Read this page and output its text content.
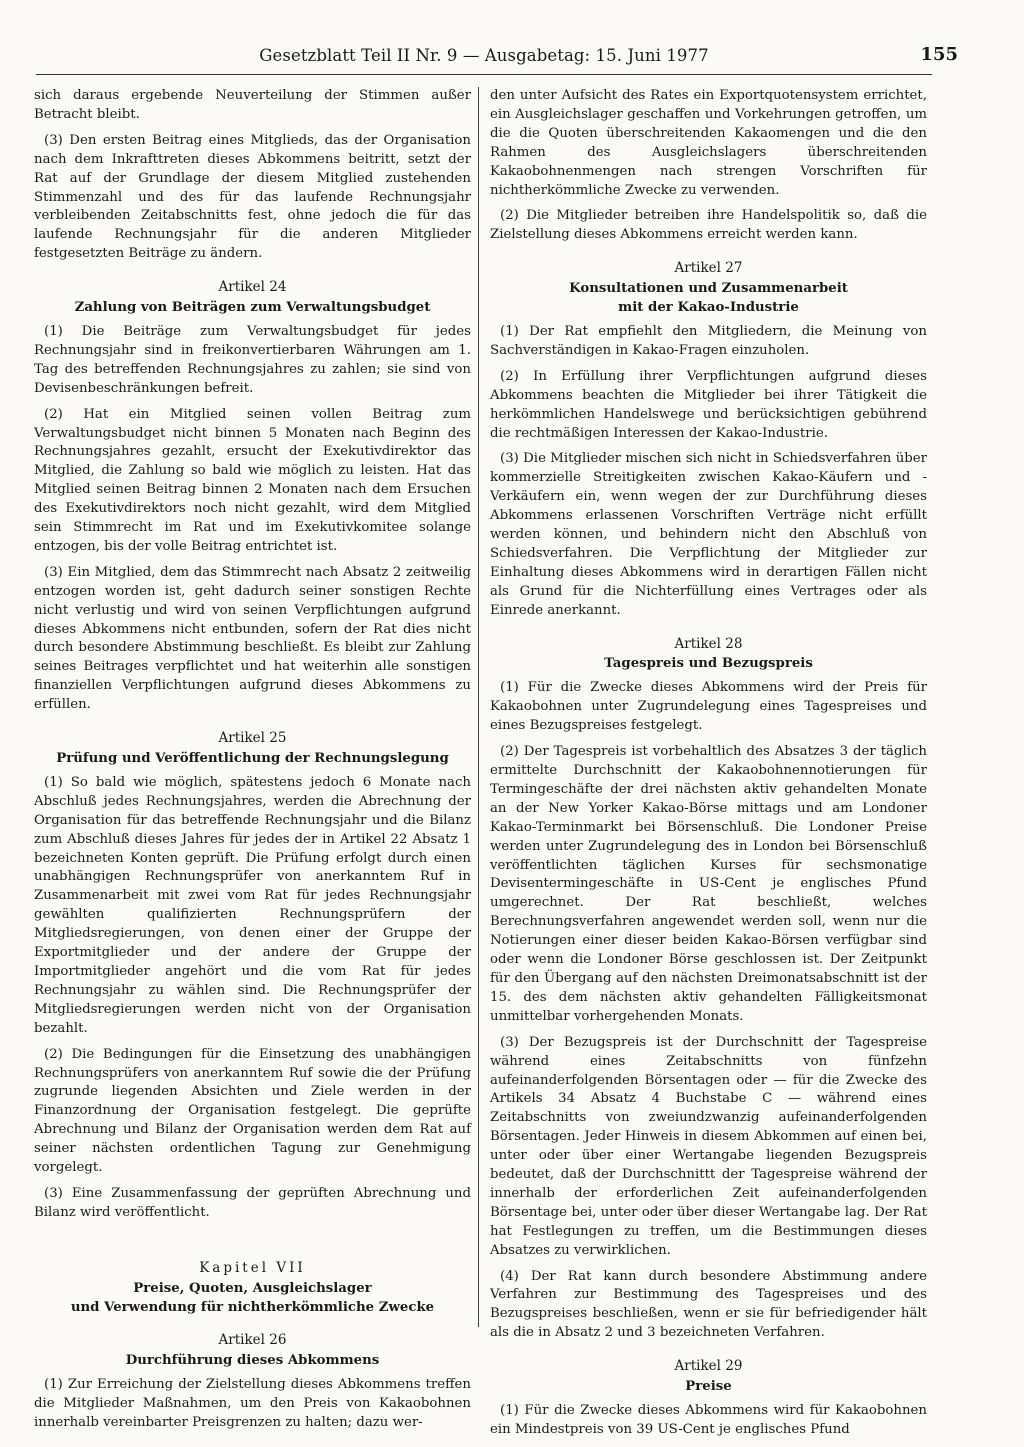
Gesetzblatt Teil II Nr. 9 — Ausgabetag: 15. Juni 1977	155

sich daraus ergebende Neuverteilung der Stimmen außer Betracht bleibt.

(3) Den ersten Beitrag eines Mitglieds, das der Organisation nach dem Inkrafttreten dieses Abkommens beitritt, setzt der Rat auf der Grundlage der diesem Mitglied zustehenden Stimmenzahl und des für das laufende Rechnungsjahr verbleibenden Zeitabschnitts fest, ohne jedoch die für das laufende Rechnungsjahr für die anderen Mitglieder festgesetzten Beiträge zu ändern.

Artikel 24
Zahlung von Beiträgen zum Verwaltungsbudget

(1) Die Beiträge zum Verwaltungsbudget für jedes Rechnungsjahr sind in freikonvertierbaren Währungen am 1. Tag des betreffenden Rechnungsjahres zu zahlen; sie sind von Devisenbeschränkungen befreit.

(2) Hat ein Mitglied seinen vollen Beitrag zum Verwaltungsbudget nicht binnen 5 Monaten nach Beginn des Rechnungsjahres gezahlt, ersucht der Exekutivdirektor das Mitglied, die Zahlung so bald wie möglich zu leisten. Hat das Mitglied seinen Beitrag binnen 2 Monaten nach dem Ersuchen des Exekutivdirektors noch nicht gezahlt, wird dem Mitglied sein Stimmrecht im Rat und im Exekutivkomitee solange entzogen, bis der volle Beitrag entrichtet ist.

(3) Ein Mitglied, dem das Stimmrecht nach Absatz 2 zeitweilig entzogen worden ist, geht dadurch seiner sonstigen Rechte nicht verlustig und wird von seinen Verpflichtungen aufgrund dieses Abkommens nicht entbunden, sofern der Rat dies nicht durch besondere Abstimmung beschließt. Es bleibt zur Zahlung seines Beitrages verpflichtet und hat weiterhin alle sonstigen finanziellen Verpflichtungen aufgrund dieses Abkommens zu erfüllen.

Artikel 25
Prüfung und Veröffentlichung der Rechnungslegung

(1) So bald wie möglich, spätestens jedoch 6 Monate nach Abschluß jedes Rechnungsjahres, werden die Abrechnung der Organisation für das betreffende Rechnungsjahr und die Bilanz zum Abschluß dieses Jahres für jedes der in Artikel 22 Absatz 1 bezeichneten Konten geprüft. Die Prüfung erfolgt durch einen unabhängigen Rechnungsprüfer von anerkanntem Ruf in Zusammenarbeit mit zwei vom Rat für jedes Rechnungsjahr gewählten qualifizierten Rechnungsprüfern der Mitgliedsregierungen, von denen einer der Gruppe der Exportmitglieder und der andere der Gruppe der Importmitglieder angehört und die vom Rat für jedes Rechnungsjahr zu wählen sind. Die Rechnungsprüfer der Mitgliedsregierungen werden nicht von der Organisation bezahlt.

(2) Die Bedingungen für die Einsetzung des unabhängigen Rechnungsprüfers von anerkanntem Ruf sowie die der Prüfung zugrunde liegenden Absichten und Ziele werden in der Finanzordnung der Organisation festgelegt. Die geprüfte Abrechnung und Bilanz der Organisation werden dem Rat auf seiner nächsten ordentlichen Tagung zur Genehmigung vorgelegt.

(3) Eine Zusammenfassung der geprüften Abrechnung und Bilanz wird veröffentlicht.

Kapitel VII
Preise, Quoten, Ausgleichslager
und Verwendung für nichtherkömmliche Zwecke
Artikel 26
Durchführung dieses Abkommens

(1) Zur Erreichung der Zielstellung dieses Abkommens treffen die Mitglieder Maßnahmen, um den Preis von Kakaobohnen innerhalb vereinbarter Preisgrenzen zu halten; dazu wer-

den unter Aufsicht des Rates ein Exportquotensystem errichtet, ein Ausgleichslager geschaffen und Vorkehrungen getroffen, um die die Quoten überschreitenden Kakaomengen und die den Rahmen des Ausgleichslagers überschreitenden Kakaobohnenmengen nach strengen Vorschriften für nichtherkömmliche Zwecke zu verwenden.

(2) Die Mitglieder betreiben ihre Handelspolitik so, daß die Zielstellung dieses Abkommens erreicht werden kann.

Artikel 27
Konsultationen und Zusammenarbeit
mit der Kakao-Industrie

(1) Der Rat empfiehlt den Mitgliedern, die Meinung von Sachverständigen in Kakao-Fragen einzuholen.

(2) In Erfüllung ihrer Verpflichtungen aufgrund dieses Abkommens beachten die Mitglieder bei ihrer Tätigkeit die herkömmlichen Handelswege und berücksichtigen gebührend die rechtmäßigen Interessen der Kakao-Industrie.

(3) Die Mitglieder mischen sich nicht in Schiedsverfahren über kommerzielle Streitigkeiten zwischen Kakao-Käufern und -Verkäufern ein, wenn wegen der zur Durchführung dieses Abkommens erlassenen Vorschriften Verträge nicht erfüllt werden können, und behindern nicht den Abschluß von Schiedsverfahren. Die Verpflichtung der Mitglieder zur Einhaltung dieses Abkommens wird in derartigen Fällen nicht als Grund für die Nichterfüllung eines Vertrages oder als Einrede anerkannt.

Artikel 28
Tagespreis und Bezugspreis

(1) Für die Zwecke dieses Abkommens wird der Preis für Kakaobohnen unter Zugrundelegung eines Tagespreises und eines Bezugspreises festgelegt.

(2) Der Tagespreis ist vorbehaltlich des Absatzes 3 der täglich ermittelte Durchschnitt der Kakaobohnennotierungen für Termingeschäfte der drei nächsten aktiv gehandelten Monate an der New Yorker Kakao-Börse mittags und am Londoner Kakao-Terminmarkt bei Börsenschluß. Die Londoner Preise werden unter Zugrundelegung des in London bei Börsenschluß veröffentlichten täglichen Kurses für sechsmonatige Devisentermingeschäfte in US-Cent je englisches Pfund umgerechnet. Der Rat beschließt, welches Berechnungsverfahren angewendet werden soll, wenn nur die Notierungen einer dieser beiden Kakao-Börsen verfügbar sind oder wenn die Londoner Börse geschlossen ist. Der Zeitpunkt für den Übergang auf den nächsten Dreimonatsabschnitt ist der 15. des dem nächsten aktiv gehandelten Fälligkeitsmonat unmittelbar vorhergehenden Monats.

(3) Der Bezugspreis ist der Durchschnitt der Tagespreise während eines Zeitabschnitts von fünfzehn aufeinanderfolgenden Börsentagen oder — für die Zwecke des Artikels 34 Absatz 4 Buchstabe C — während eines Zeitabschnitts von zweiundzwanzig aufeinanderfolgenden Börsentagen. Jeder Hinweis in diesem Abkommen auf einen bei, unter oder über einer Wertangabe liegenden Bezugspreis bedeutet, daß der Durchschnittt der Tagespreise während der innerhalb der erforderlichen Zeit aufeinanderfolgenden Börsentage bei, unter oder über dieser Wertangabe lag. Der Rat hat Festlegungen zu treffen, um die Bestimmungen dieses Absatzes zu verwirklichen.

(4) Der Rat kann durch besondere Abstimmung andere Verfahren zur Bestimmung des Tagespreises und des Bezugspreises beschließen, wenn er sie für befriedigender hält als die in Absatz 2 und 3 bezeichneten Verfahren.

Artikel 29
Preise

(1) Für die Zwecke dieses Abkommens wird für Kakaobohnen ein Mindestpreis von 39 US-Cent je englisches Pfund
